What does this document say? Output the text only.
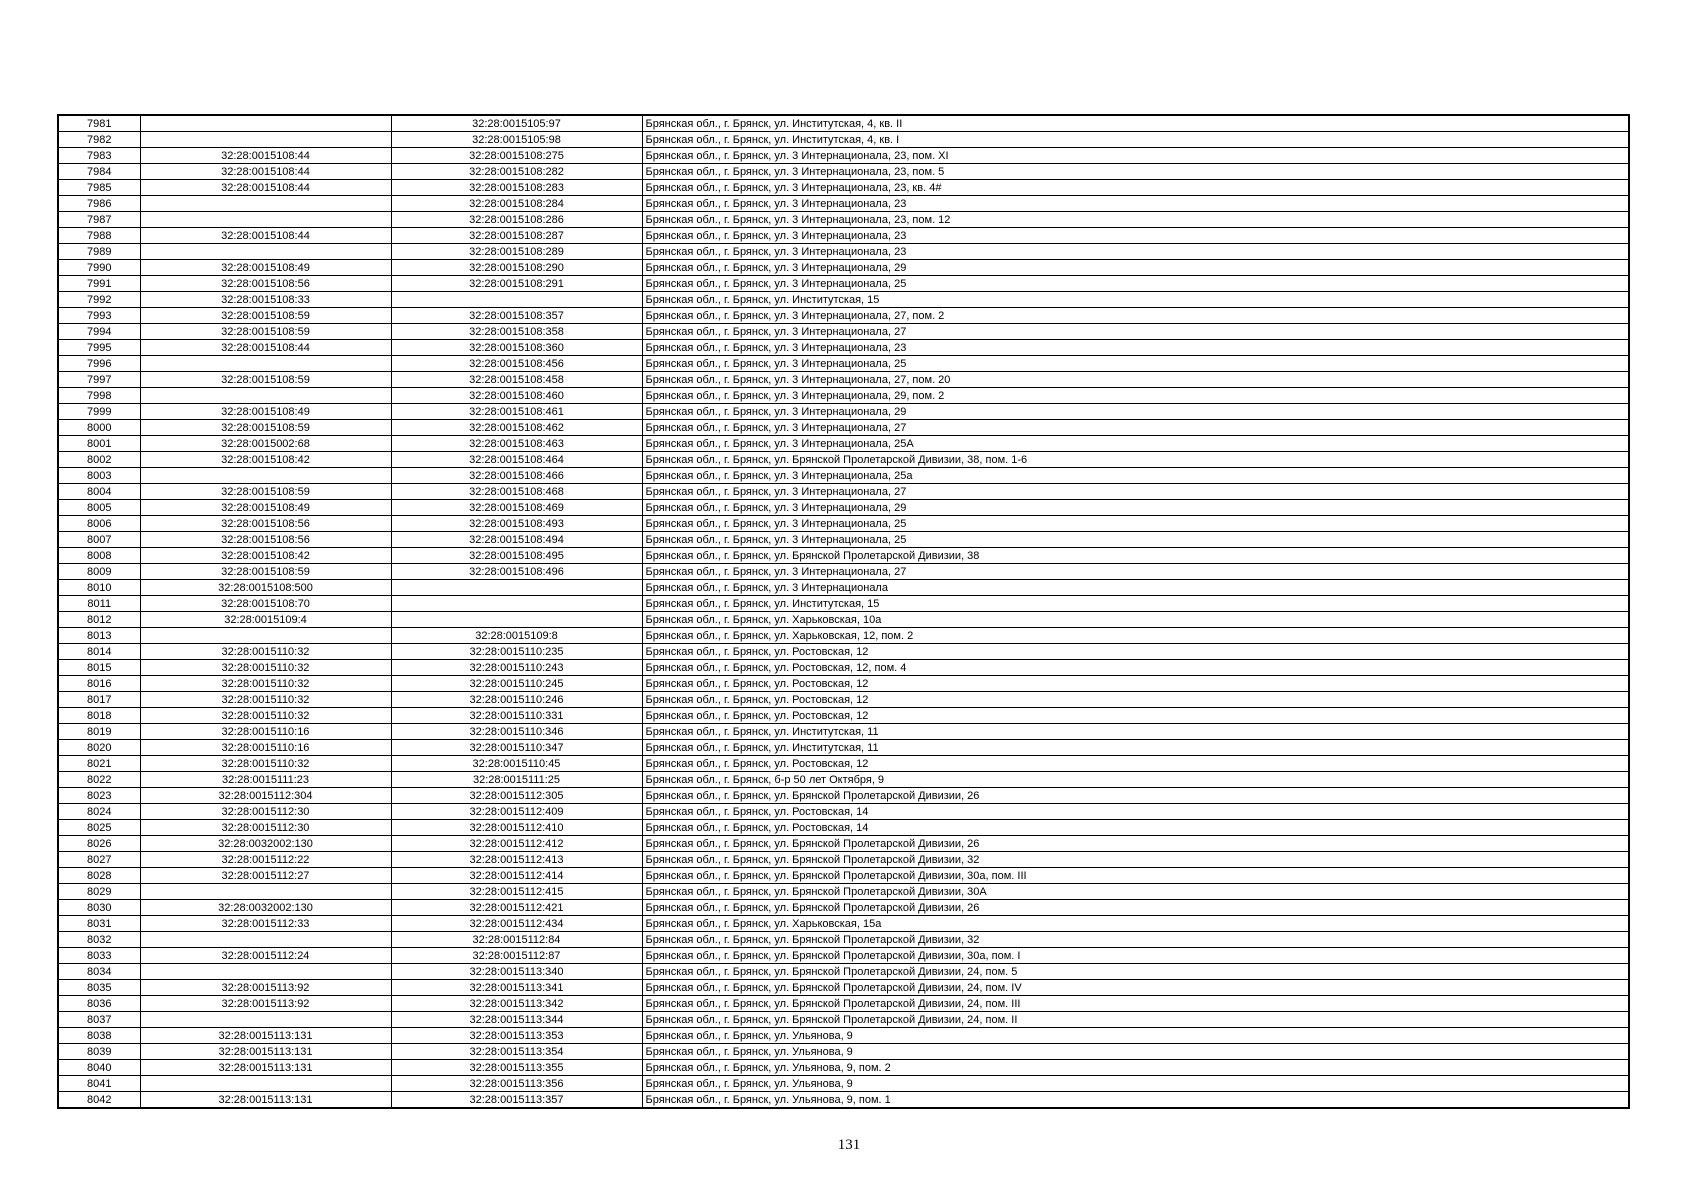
7981		32:28:0015105:97	Брянская обл., г. Брянск, ул. Институтская, 4, кв. II
7982		32:28:0015105:98	Брянская обл., г. Брянск, ул. Институтская, 4, кв. I
7983	32:28:0015108:44	32:28:0015108:275	Брянская обл., г. Брянск, ул. 3 Интернационала, 23, пом. XI
7984	32:28:0015108:44	32:28:0015108:282	Брянская обл., г. Брянск, ул. 3 Интернационала, 23, пом. 5
7985	32:28:0015108:44	32:28:0015108:283	Брянская обл., г. Брянск, ул. 3 Интернационала, 23, кв. 4#
7986		32:28:0015108:284	Брянская обл., г. Брянск, ул. 3 Интернационала, 23
7987		32:28:0015108:286	Брянская обл., г. Брянск, ул. 3 Интернационала, 23, пом. 12
7988	32:28:0015108:44	32:28:0015108:287	Брянская обл., г. Брянск, ул. 3 Интернационала, 23
7989		32:28:0015108:289	Брянская обл., г. Брянск, ул. 3 Интернационала, 23
7990	32:28:0015108:49	32:28:0015108:290	Брянская обл., г. Брянск, ул. 3 Интернационала, 29
7991	32:28:0015108:56	32:28:0015108:291	Брянская обл., г. Брянск, ул. 3 Интернационала, 25
7992	32:28:0015108:33		Брянская обл., г. Брянск, ул. Институтская, 15
7993	32:28:0015108:59	32:28:0015108:357	Брянская обл., г. Брянск, ул. 3 Интернационала, 27, пом. 2
7994	32:28:0015108:59	32:28:0015108:358	Брянская обл., г. Брянск, ул. 3 Интернационала, 27
7995	32:28:0015108:44	32:28:0015108:360	Брянская обл., г. Брянск, ул. 3 Интернационала, 23
7996		32:28:0015108:456	Брянская обл., г. Брянск, ул. 3 Интернационала, 25
7997	32:28:0015108:59	32:28:0015108:458	Брянская обл., г. Брянск, ул. 3 Интернационала, 27, пом. 20
7998		32:28:0015108:460	Брянская обл., г. Брянск, ул. 3 Интернационала, 29, пом. 2
7999	32:28:0015108:49	32:28:0015108:461	Брянская обл., г. Брянск, ул. 3 Интернационала, 29
8000	32:28:0015108:59	32:28:0015108:462	Брянская обл., г. Брянск, ул. 3 Интернационала, 27
8001	32:28:0015002:68	32:28:0015108:463	Брянская обл., г. Брянск, ул. 3 Интернационала, 25А
8002	32:28:0015108:42	32:28:0015108:464	Брянская обл., г. Брянск, ул. Брянской Пролетарской Дивизии, 38, пом. 1-6
8003		32:28:0015108:466	Брянская обл., г. Брянск, ул. 3 Интернационала, 25а
8004	32:28:0015108:59	32:28:0015108:468	Брянская обл., г. Брянск, ул. 3 Интернационала, 27
8005	32:28:0015108:49	32:28:0015108:469	Брянская обл., г. Брянск, ул. 3 Интернационала, 29
8006	32:28:0015108:56	32:28:0015108:493	Брянская обл., г. Брянск, ул. 3 Интернационала, 25
8007	32:28:0015108:56	32:28:0015108:494	Брянская обл., г. Брянск, ул. 3 Интернационала, 25
8008	32:28:0015108:42	32:28:0015108:495	Брянская обл., г. Брянск, ул. Брянской Пролетарской Дивизии, 38
8009	32:28:0015108:59	32:28:0015108:496	Брянская обл., г. Брянск, ул. 3 Интернационала, 27
8010	32:28:0015108:500		Брянская обл., г. Брянск, ул. 3 Интернационала
8011	32:28:0015108:70		Брянская обл., г. Брянск, ул. Институтская, 15
8012	32:28:0015109:4		Брянская обл., г. Брянск, ул. Харьковская, 10а
8013		32:28:0015109:8	Брянская обл., г. Брянск, ул. Харьковская, 12, пом. 2
8014	32:28:0015110:32	32:28:0015110:235	Брянская обл., г. Брянск, ул. Ростовская, 12
8015	32:28:0015110:32	32:28:0015110:243	Брянская обл., г. Брянск, ул. Ростовская, 12, пом. 4
8016	32:28:0015110:32	32:28:0015110:245	Брянская обл., г. Брянск, ул. Ростовская, 12
8017	32:28:0015110:32	32:28:0015110:246	Брянская обл., г. Брянск, ул. Ростовская, 12
8018	32:28:0015110:32	32:28:0015110:331	Брянская обл., г. Брянск, ул. Ростовская, 12
8019	32:28:0015110:16	32:28:0015110:346	Брянская обл., г. Брянск, ул. Институтская, 11
8020	32:28:0015110:16	32:28:0015110:347	Брянская обл., г. Брянск, ул. Институтская, 11
8021	32:28:0015110:32	32:28:0015110:45	Брянская обл., г. Брянск, ул. Ростовская, 12
8022	32:28:0015111:23	32:28:0015111:25	Брянская обл., г. Брянск, б-р 50 лет Октября, 9
8023	32:28:0015112:304	32:28:0015112:305	Брянская обл., г. Брянск, ул. Брянской Пролетарской Дивизии, 26
8024	32:28:0015112:30	32:28:0015112:409	Брянская обл., г. Брянск, ул. Ростовская, 14
8025	32:28:0015112:30	32:28:0015112:410	Брянская обл., г. Брянск, ул. Ростовская, 14
8026	32:28:0032002:130	32:28:0015112:412	Брянская обл., г. Брянск, ул. Брянской Пролетарской Дивизии, 26
8027	32:28:0015112:22	32:28:0015112:413	Брянская обл., г. Брянск, ул. Брянской Пролетарской Дивизии, 32
8028	32:28:0015112:27	32:28:0015112:414	Брянская обл., г. Брянск, ул. Брянской Пролетарской Дивизии, 30а, пом. III
8029		32:28:0015112:415	Брянская обл., г. Брянск, ул. Брянской Пролетарской Дивизии, 30А
8030	32:28:0032002:130	32:28:0015112:421	Брянская обл., г. Брянск, ул. Брянской Пролетарской Дивизии, 26
8031	32:28:0015112:33	32:28:0015112:434	Брянская обл., г. Брянск, ул. Харьковская, 15а
8032		32:28:0015112:84	Брянская обл., г. Брянск, ул. Брянской Пролетарской Дивизии, 32
8033	32:28:0015112:24	32:28:0015112:87	Брянская обл., г. Брянск, ул. Брянской Пролетарской Дивизии, 30а, пом. I
8034		32:28:0015113:340	Брянская обл., г. Брянск, ул. Брянской Пролетарской Дивизии, 24, пом. 5
8035	32:28:0015113:92	32:28:0015113:341	Брянская обл., г. Брянск, ул. Брянской Пролетарской Дивизии, 24, пом. IV
8036	32:28:0015113:92	32:28:0015113:342	Брянская обл., г. Брянск, ул. Брянской Пролетарской Дивизии, 24, пом. III
8037		32:28:0015113:344	Брянская обл., г. Брянск, ул. Брянской Пролетарской Дивизии, 24, пом. II
8038	32:28:0015113:131	32:28:0015113:353	Брянская обл., г. Брянск, ул. Ульянова, 9
8039	32:28:0015113:131	32:28:0015113:354	Брянская обл., г. Брянск, ул. Ульянова, 9
8040	32:28:0015113:131	32:28:0015113:355	Брянская обл., г. Брянск, ул. Ульянова, 9, пом. 2
8041		32:28:0015113:356	Брянская обл., г. Брянск, ул. Ульянова, 9
8042	32:28:0015113:131	32:28:0015113:357	Брянская обл., г. Брянск, ул. Ульянова, 9, пом. 1
131
